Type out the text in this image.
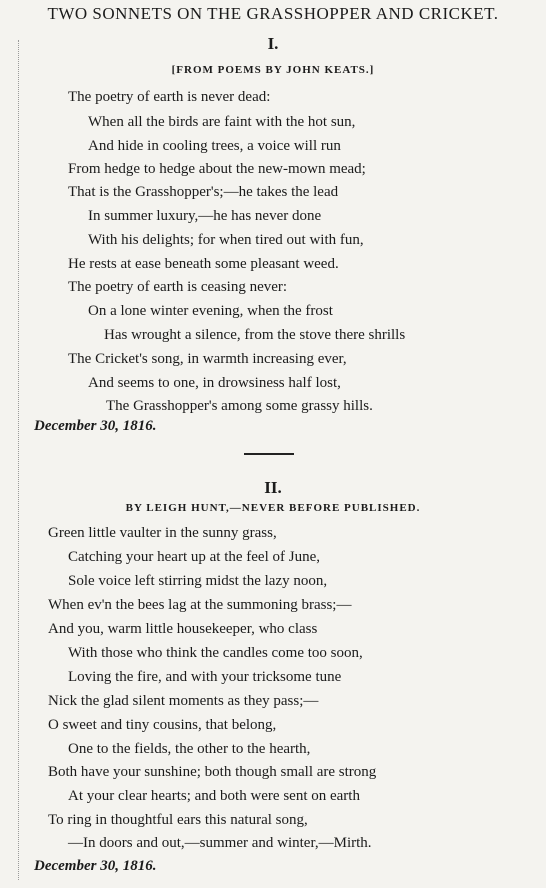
TWO SONNETS ON THE GRASSHOPPER AND CRICKET.
I.
[FROM POEMS BY JOHN KEATS.]
The poetry of earth is never dead:
When all the birds are faint with the hot sun,
And hide in cooling trees, a voice will run
From hedge to hedge about the new-mown mead;
That is the Grasshopper's;—he takes the lead
In summer luxury,—he has never done
With his delights; for when tired out with fun,
He rests at ease beneath some pleasant weed.
The poetry of earth is ceasing never:
On a lone winter evening, when the frost
Has wrought a silence, from the stove there shrills
The Cricket's song, in warmth increasing ever,
And seems to one, in drowsiness half lost,
The Grasshopper's among some grassy hills.
December 30, 1816.
II.
BY LEIGH HUNT,—NEVER BEFORE PUBLISHED.
Green little vaulter in the sunny grass,
Catching your heart up at the feel of June,
Sole voice left stirring midst the lazy noon,
When ev'n the bees lag at the summoning brass;—
And you, warm little housekeeper, who class
With those who think the candles come too soon,
Loving the fire, and with your tricksome tune
Nick the glad silent moments as they pass;—
O sweet and tiny cousins, that belong,
One to the fields, the other to the hearth,
Both have your sunshine; both though small are strong
At your clear hearts; and both were sent on earth
To ring in thoughtful ears this natural song,
—In doors and out,—summer and winter,—Mirth.
December 30, 1816.
